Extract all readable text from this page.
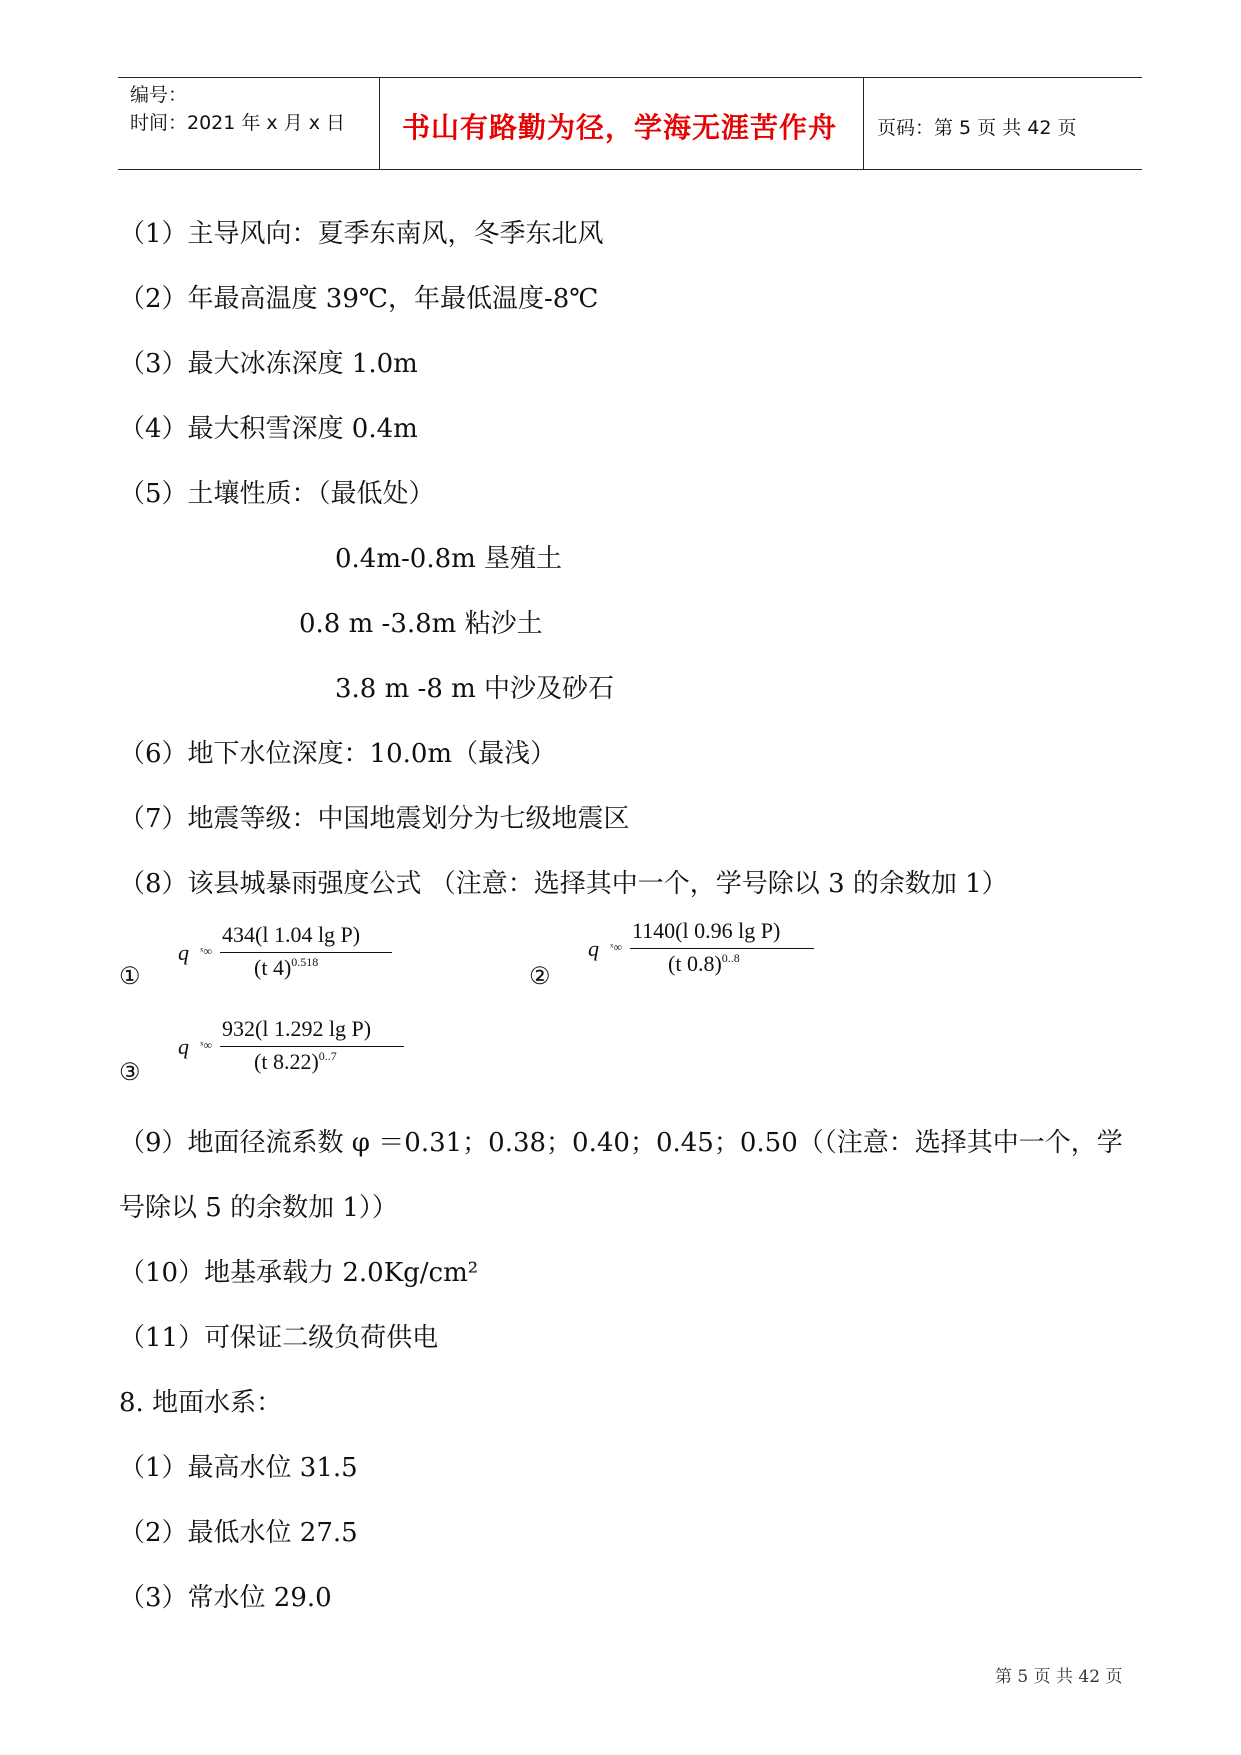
编号：
时间：2021 年 x 月 x 日 书山有路勤为径，学海无涯苦作舟 页码：第 5 页 共 42 页
（1）主导风向：夏季东南风，冬季东北风
（2）年最高温度 39℃，年最低温度-8℃
（3）最大冰冻深度 1.0m
（4）最大积雪深度 0.4m
（5）土壤性质：（最低处）
0.4m-0.8m 垦殖土
0.8 m -3.8m 粘沙土
3.8 m -8 m 中沙及砂石
（6）地下水位深度：10.0m（最浅）
（7）地震等级：中国地震划分为七级地震区
（8）该县城暴雨强度公式 （注意：选择其中一个，学号除以 3 的余数加 1）
①
q ˣ∞
434(l 1.04 lg P)
(t 4)$^{0.518}$	②
q ˣ∞
1140(l 0.96 lg P)
(t 0.8)$^{0..8}$
③
q ˣ∞
932(l 1.292 lg P)
(t 8.22)$^{0..7}$
（9）地面径流系数 φ ＝0.31；0.38；0.40；0.45；0.50（（注意：选择其中一个，学
号除以 5 的余数加 1））
（10）地基承载力 2.0Kg/cm²
（11）可保证二级负荷供电
8. 地面水系：
（1）最高水位 31.5
（2）最低水位 27.5
（3）常水位 29.0
第 5 页 共 42 页
